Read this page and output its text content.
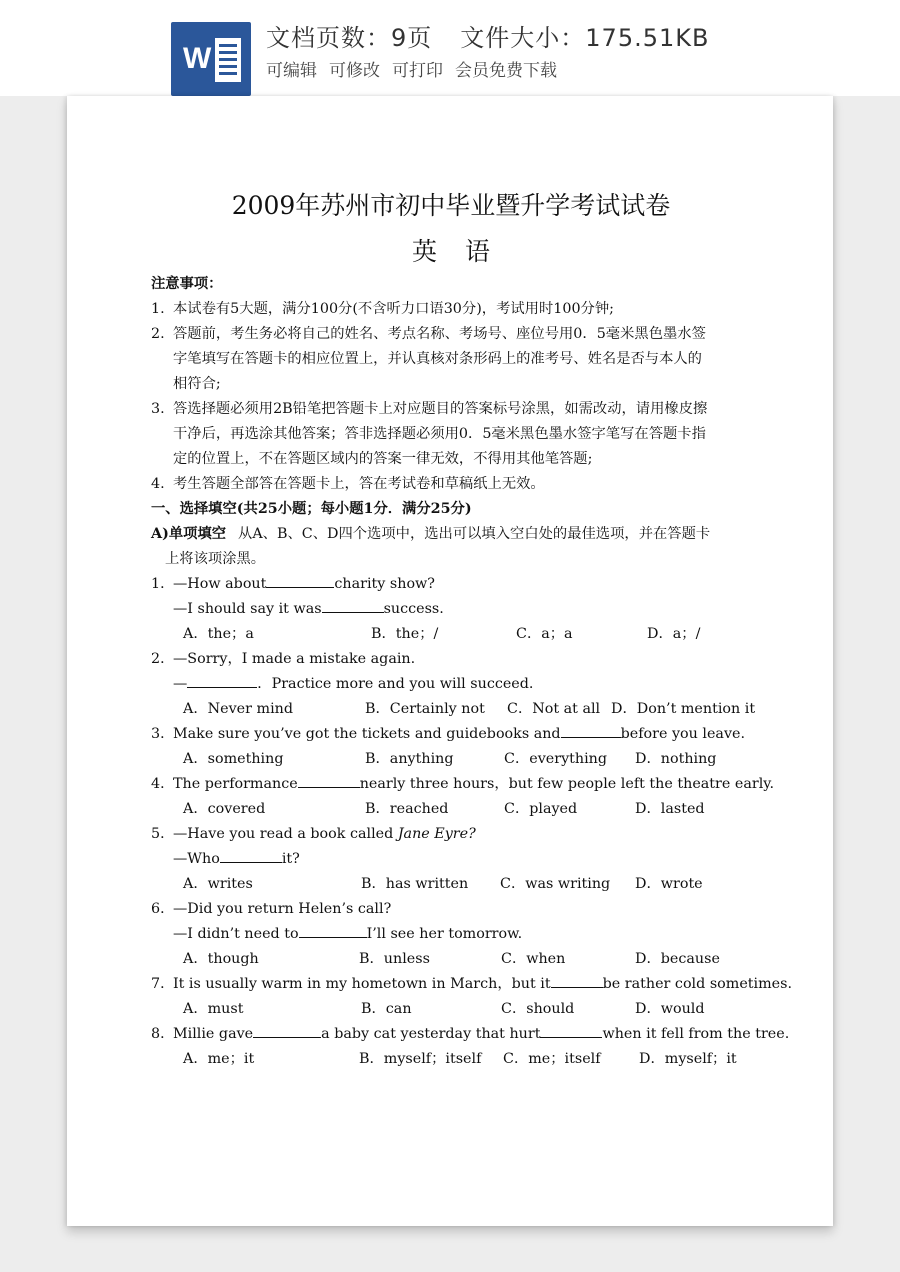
W
文档页数：9页 文件大小：175.51KB
可编辑 可修改 可打印 会员免费下载
2009年苏州市初中毕业暨升学考试试卷
英语
注意事项：
1. 本试卷有5大题，满分100分(不含听力口语30分)，考试用时100分钟;
2. 答题前，考生务必将自己的姓名、考点名称、考场号、座位号用0．5毫米黑色墨水签
字笔填写在答题卡的相应位置上，并认真核对条形码上的准考号、姓名是否与本人的
相符合;
3. 答选择题必须用2B铅笔把答题卡上对应题目的答案标号涂黑，如需改动，请用橡皮擦
干净后，再选涂其他答案；答非选择题必须用0．5毫米黑色墨水签字笔写在答题卡指
定的位置上，不在答题区域内的答案一律无效，不得用其他笔答题;
4. 考生答题全部答在答题卡上，答在考试卷和草稿纸上无效。
一、选择填空(共25小题；每小题1分．满分25分)
A)单项填空 从A、B、C、D四个选项中，选出可以填入空白处的最佳选项，并在答题卡
上将该项涂黑。
1．—How about	charity show?
—I should say it was	success.
A．the；a	B．the；/	C．a；a	D．a；/
2．—Sorry，I made a mistake again.
—	．Practice more and you will succeed.
A．Never mind	B．Certainly not C．Not at all D．Don’t mention it
3．Make sure you’ve got the tickets and guidebooks and	before you leave.
A．something	B．anything	C．everything D．nothing
4．The performance	nearly three hours，but few people left the theatre early.
A．covered	B．reached	C．played	D．lasted
5．—Have you read a book called Jane Eyre?
—Who	it?
A．writes	B．has written C．was writing D．wrote
6．—Did you return Helen’s call?
—I didn’t need to	I’ll see her tomorrow.
A．though	B．unless	C．when	D．because
7．It is usually warm in my hometown in March，but it	be rather cold sometimes.
A．must	B．can	C．should	D．would
8．Millie gave	a baby cat yesterday that hurt	when it fell from the tree.
A．me；it	B．myself；itself C．me；itself	D．myself；it
